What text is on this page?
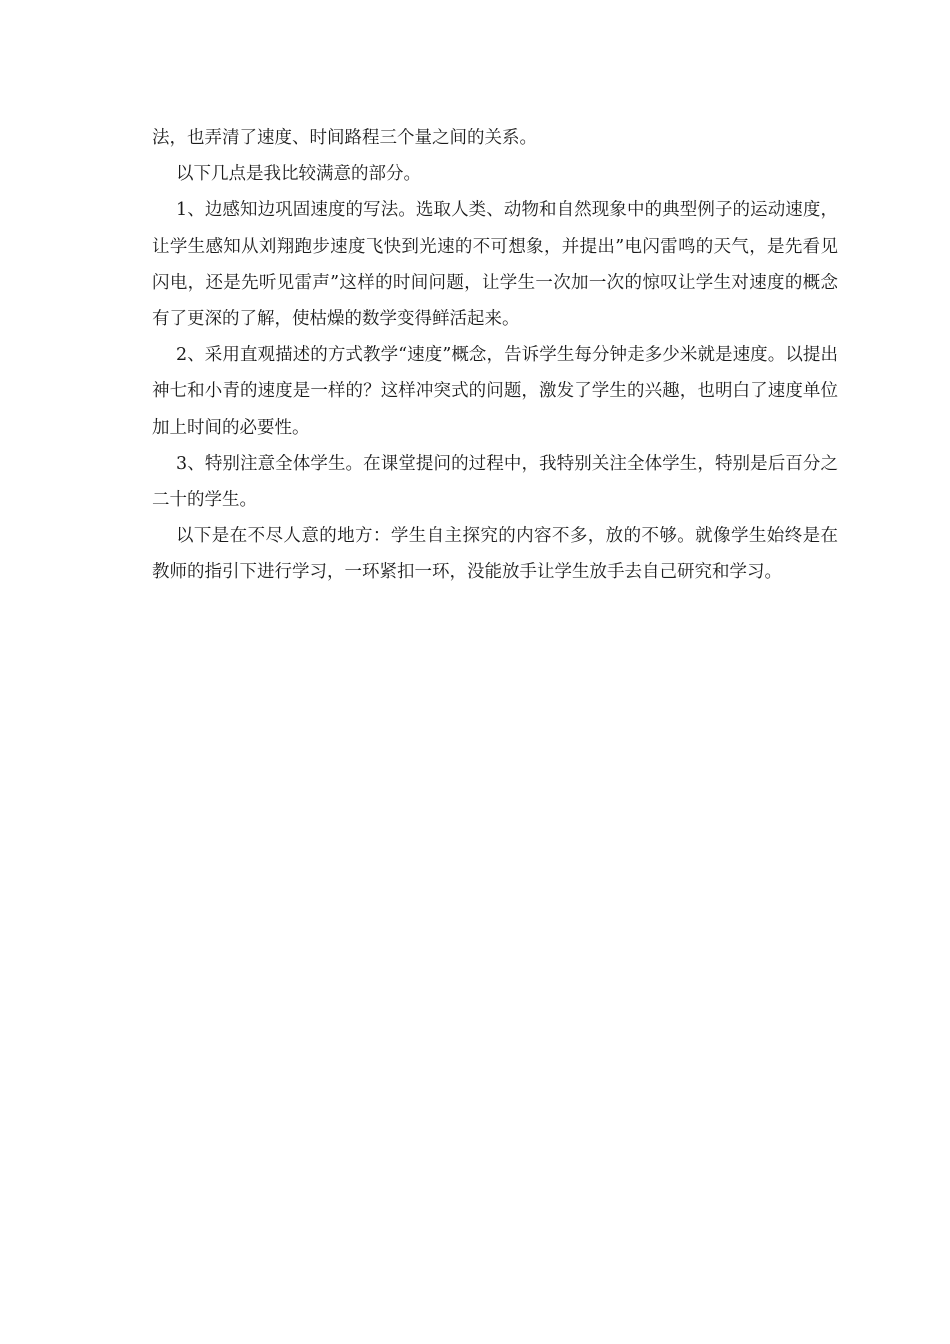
法，也弄清了速度、时间路程三个量之间的关系。

以下几点是我比较满意的部分。

1、边感知边巩固速度的写法。选取人类、动物和自然现象中的典型例子的运动速度，让学生感知从刘翔跑步速度飞快到光速的不可想象，并提出”电闪雷鸣的天气，是先看见闪电，还是先听见雷声”这样的时间问题，让学生一次加一次的惊叹让学生对速度的概念有了更深的了解，使枯燥的数学变得鲜活起来。

2、采用直观描述的方式教学“速度”概念，告诉学生每分钟走多少米就是速度。以提出神七和小青的速度是一样的？这样冲突式的问题，激发了学生的兴趣，也明白了速度单位加上时间的必要性。

3、特别注意全体学生。在课堂提问的过程中，我特别关注全体学生，特别是后百分之二十的学生。

以下是在不尽人意的地方：学生自主探究的内容不多，放的不够。就像学生始终是在教师的指引下进行学习，一环紧扣一环，没能放手让学生放手去自己研究和学习。
